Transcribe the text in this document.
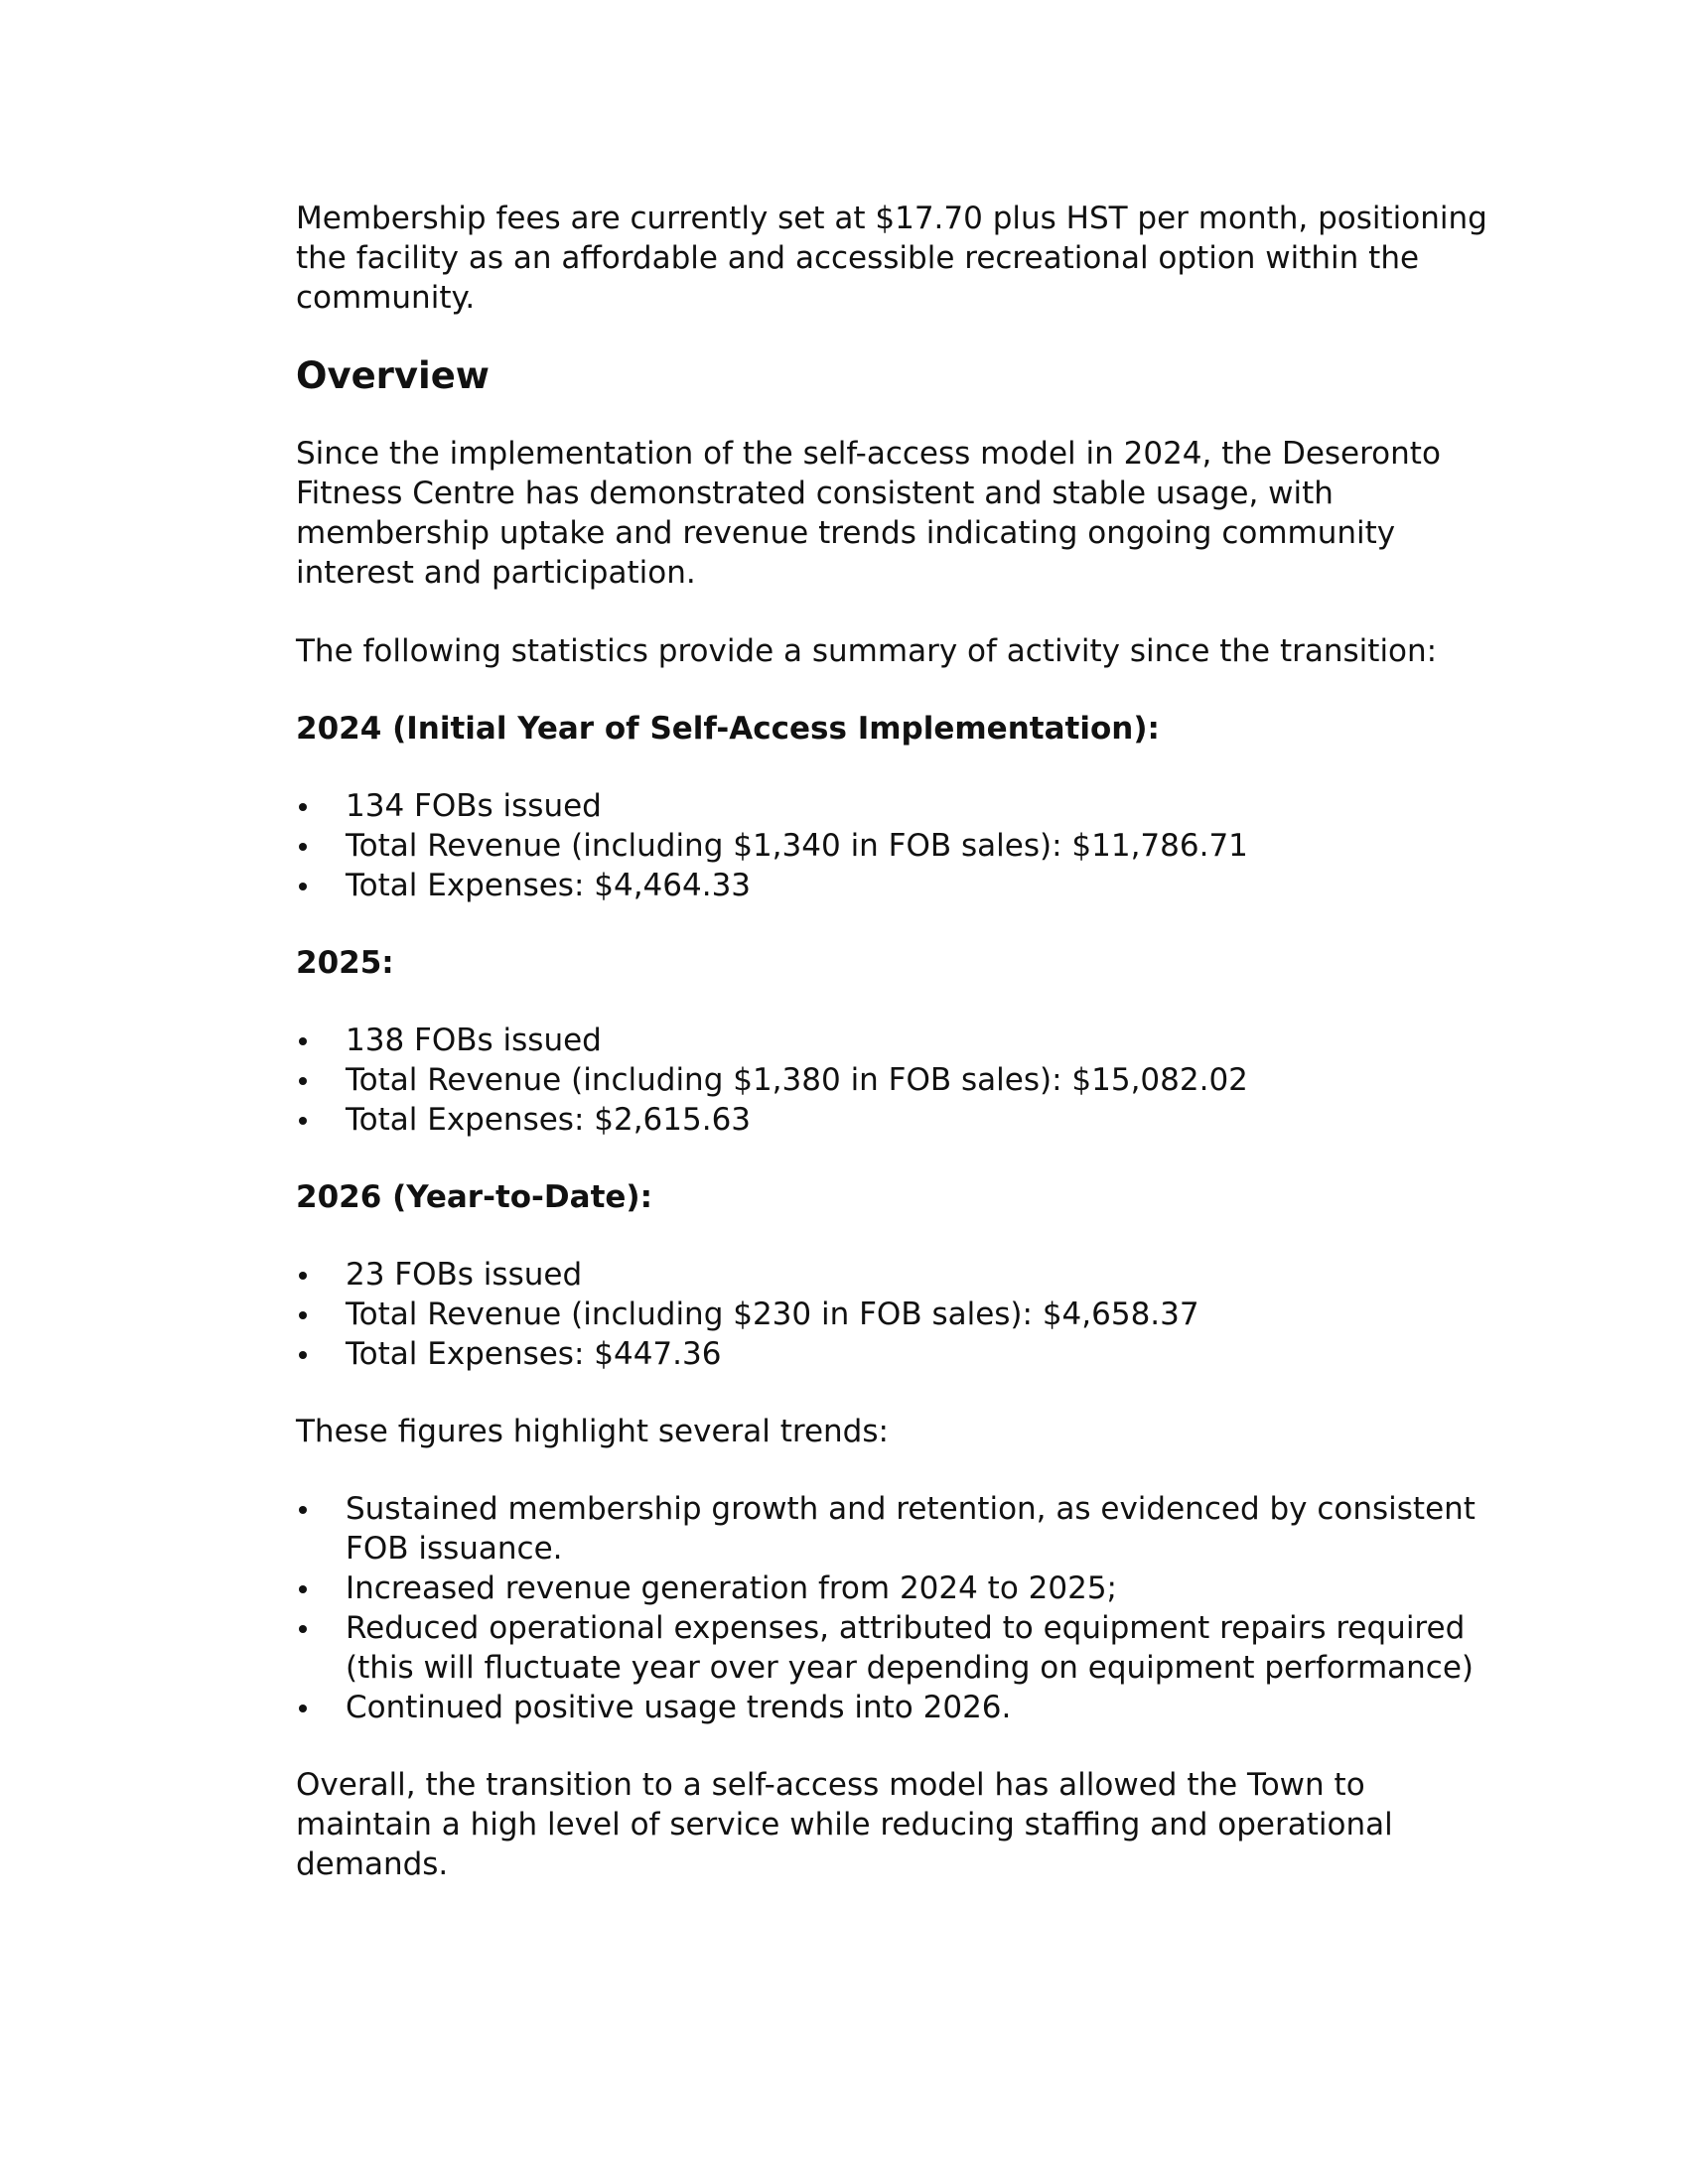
Membership fees are currently set at $17.70 plus HST per month, positioning the facility as an affordable and accessible recreational option within the community.

Overview

Since the implementation of the self-access model in 2024, the Deseronto Fitness Centre has demonstrated consistent and stable usage, with membership uptake and revenue trends indicating ongoing community interest and participation.

The following statistics provide a summary of activity since the transition:

2024 (Initial Year of Self-Access Implementation):
134 FOBs issued
Total Revenue (including $1,340 in FOB sales): $11,786.71
Total Expenses: $4,464.33
2025:
138 FOBs issued
Total Revenue (including $1,380 in FOB sales): $15,082.02
Total Expenses: $2,615.63
2026 (Year-to-Date):
23 FOBs issued
Total Revenue (including $230 in FOB sales): $4,658.37
Total Expenses: $447.36

These figures highlight several trends:

Sustained membership growth and retention, as evidenced by consistent FOB issuance.
Increased revenue generation from 2024 to 2025;
Reduced operational expenses, attributed to equipment repairs required (this will fluctuate year over year depending on equipment performance)
Continued positive usage trends into 2026.

Overall, the transition to a self-access model has allowed the Town to maintain a high level of service while reducing staffing and operational demands.
